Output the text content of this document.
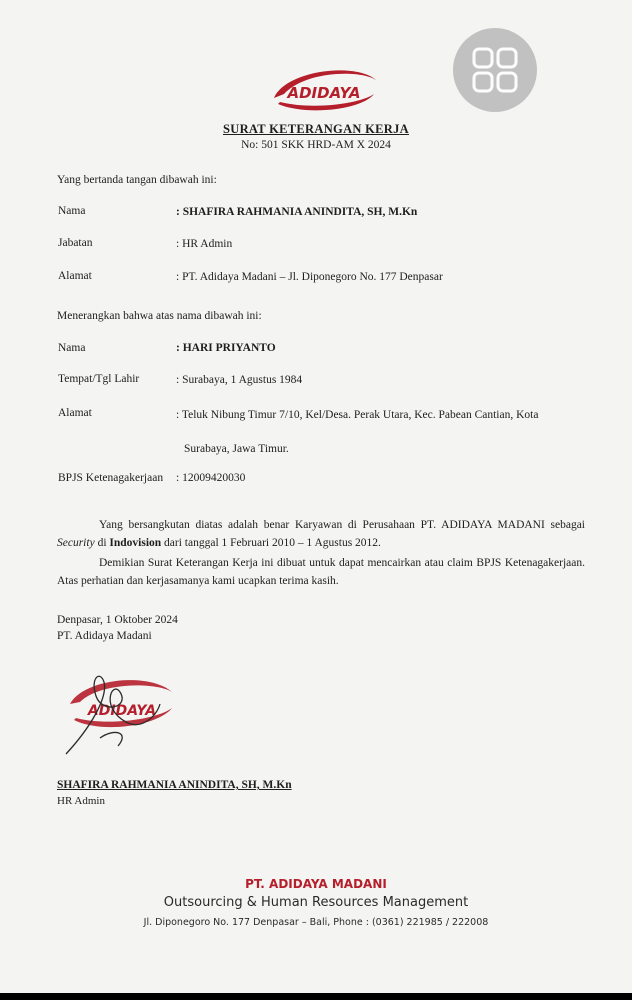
ADIDAYA
SURAT KETERANGAN KERJA
No: 501 SKK HRD-AM X 2024
Yang bertanda tangan dibawah ini:
Nama	: SHAFIRA RAHMANIA ANINDITA, SH, M.Kn
Jabatan	: HR Admin
Alamat	: PT. Adidaya Madani – Jl. Diponegoro No. 177 Denpasar
Menerangkan bahwa atas nama dibawah ini:
Nama	: HARI PRIYANTO
Tempat/Tgl Lahir	: Surabaya, 1 Agustus 1984
Alamat	: Teluk Nibung Timur 7/10, Kel/Desa. Perak Utara, Kec. Pabean Cantian, Kota
Surabaya, Jawa Timur.
BPJS Ketenagakerjaan : 12009420030
Yang bersangkutan diatas adalah benar Karyawan di Perusahaan PT. ADIDAYA MADANI sebagai Security di Indovision dari tanggal 1 Februari 2010 – 1 Agustus 2012.
Demikian Surat Keterangan Kerja ini dibuat untuk dapat mencairkan atau claim BPJS Ketenagakerjaan. Atas perhatian dan kerjasamanya kami ucapkan terima kasih.
Denpasar, 1 Oktober 2024
PT. Adidaya Madani
ADIDAYA
SHAFIRA RAHMANIA ANINDITA, SH, M.Kn
HR Admin
PT. ADIDAYA MADANI
Outsourcing & Human Resources Management
Jl. Diponegoro No. 177 Denpasar – Bali, Phone : (0361) 221985 / 222008
